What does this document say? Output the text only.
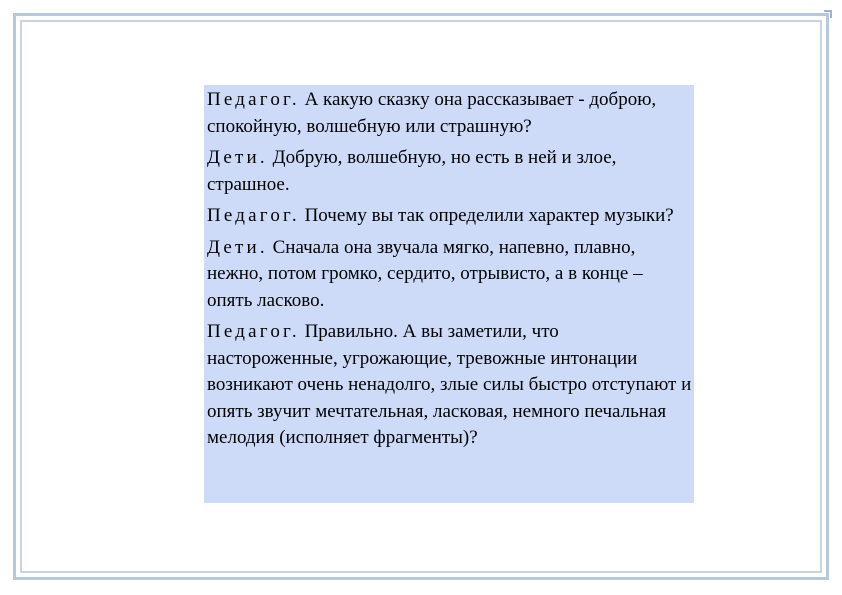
Педагог. А какую сказку она рассказывает - доброю, спокойную, волшебную или страшную?

Дети. Добрую, волшебную, но есть в ней и злое, страшное.

Педагог. Почему вы так определили характер музыки?

Дети. Сначала она звучала мягко, напевно, плавно, нежно, потом громко, сердито, отрывисто, а в конце – опять ласково.

Педагог. Правильно. А вы заметили, что настороженные, угрожающие, тревожные интонации возникают очень ненадолго, злые силы быстро отступают и опять звучит мечтательная, ласковая, немного печальная мелодия (исполняет фрагменты)?
